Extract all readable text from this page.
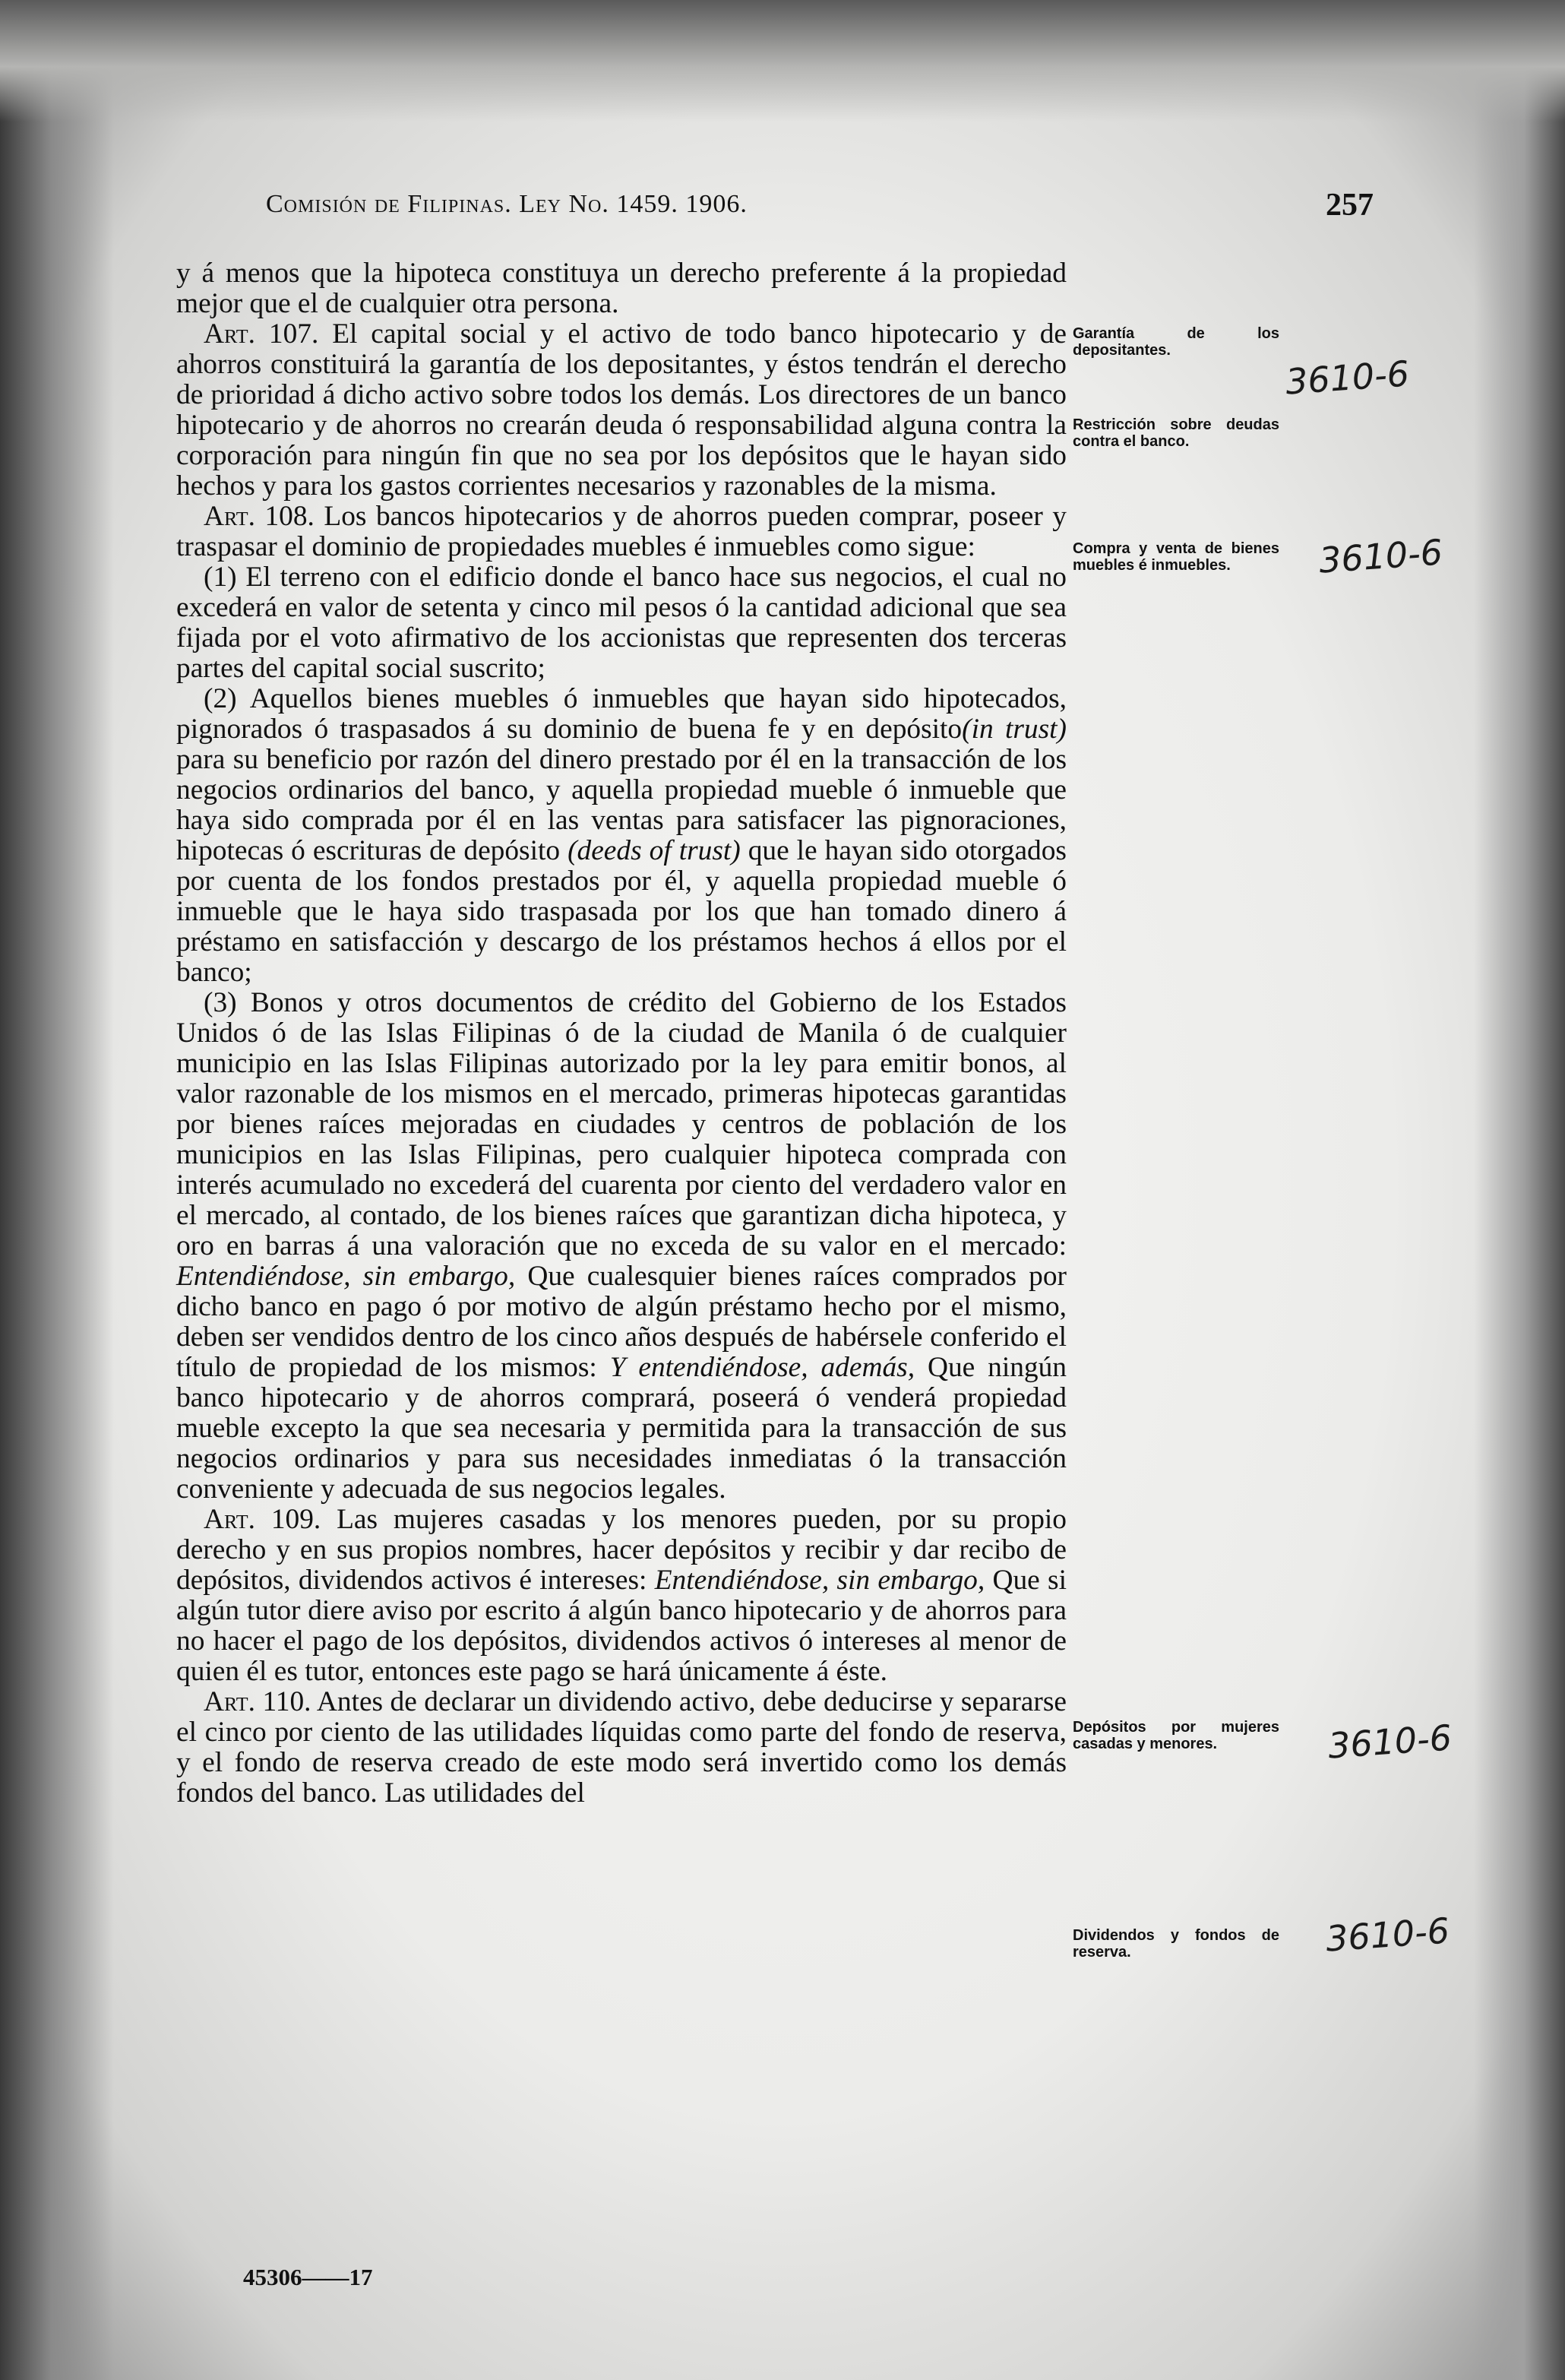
Comisión de Filipinas. Ley No. 1459. 1906.	257

y á menos que la hipoteca constituya un derecho preferente á la propiedad mejor que el de cualquier otra persona.

Art. 107. El capital social y el activo de todo banco hipotecario y de ahorros constituirá la garantía de los depositantes, y éstos tendrán el derecho de prioridad á dicho activo sobre todos los demás. Los directores de un banco hipotecario y de ahorros no crearán deuda ó responsabilidad alguna contra la corporación para ningún fin que no sea por los depósitos que le hayan sido hechos y para los gastos corrientes necesarios y razonables de la misma.

Art. 108. Los bancos hipotecarios y de ahorros pueden comprar, poseer y traspasar el dominio de propiedades muebles é inmuebles como sigue:

(1) El terreno con el edificio donde el banco hace sus negocios, el cual no excederá en valor de setenta y cinco mil pesos ó la cantidad adicional que sea fijada por el voto afirmativo de los accionistas que representen dos terceras partes del capital social suscrito;

(2) Aquellos bienes muebles ó inmuebles que hayan sido hipotecados, pignorados ó traspasados á su dominio de buena fe y en depósito(in trust) para su beneficio por razón del dinero prestado por él en la transacción de los negocios ordinarios del banco, y aquella propiedad mueble ó inmueble que haya sido comprada por él en las ventas para satisfacer las pignoraciones, hipotecas ó escrituras de depósito (deeds of trust) que le hayan sido otorgados por cuenta de los fondos prestados por él, y aquella propiedad mueble ó inmueble que le haya sido traspasada por los que han tomado dinero á préstamo en satisfacción y descargo de los préstamos hechos á ellos por el banco;

(3) Bonos y otros documentos de crédito del Gobierno de los Estados Unidos ó de las Islas Filipinas ó de la ciudad de Manila ó de cualquier municipio en las Islas Filipinas autorizado por la ley para emitir bonos, al valor razonable de los mismos en el mercado, primeras hipotecas garantidas por bienes raíces mejoradas en ciudades y centros de población de los municipios en las Islas Filipinas, pero cualquier hipoteca comprada con interés acumulado no excederá del cuarenta por ciento del verdadero valor en el mercado, al contado, de los bienes raíces que garantizan dicha hipoteca, y oro en barras á una valoración que no exceda de su valor en el mercado: Entendiéndose, sin embargo, Que cualesquier bienes raíces comprados por dicho banco en pago ó por motivo de algún préstamo hecho por el mismo, deben ser vendidos dentro de los cinco años después de habérsele conferido el título de propiedad de los mismos: Y entendiéndose, además, Que ningún banco hipotecario y de ahorros comprará, poseerá ó venderá propiedad mueble excepto la que sea necesaria y permitida para la transacción de sus negocios ordinarios y para sus necesidades inmediatas ó la transacción conveniente y adecuada de sus negocios legales.

Art. 109. Las mujeres casadas y los menores pueden, por su propio derecho y en sus propios nombres, hacer depósitos y recibir y dar recibo de depósitos, dividendos activos é intereses: Entendiéndose, sin embargo, Que si algún tutor diere aviso por escrito á algún banco hipotecario y de ahorros para no hacer el pago de los depósitos, dividendos activos ó intereses al menor de quien él es tutor, entonces este pago se hará únicamente á éste.

Art. 110. Antes de declarar un dividendo activo, debe deducirse y separarse el cinco por ciento de las utilidades líquidas como parte del fondo de reserva, y el fondo de reserva creado de este modo será invertido como los demás fondos del banco. Las utilidades del

45306——17
Garantía de los depositantes.
Restricción sobre deudas contra el banco.
Compra y venta de bienes muebles é inmuebles.
Depósitos por mujeres casadas y menores.
Dividendos y fondos de reserva.
3610-6
3610-6
3610-6
3610-6
